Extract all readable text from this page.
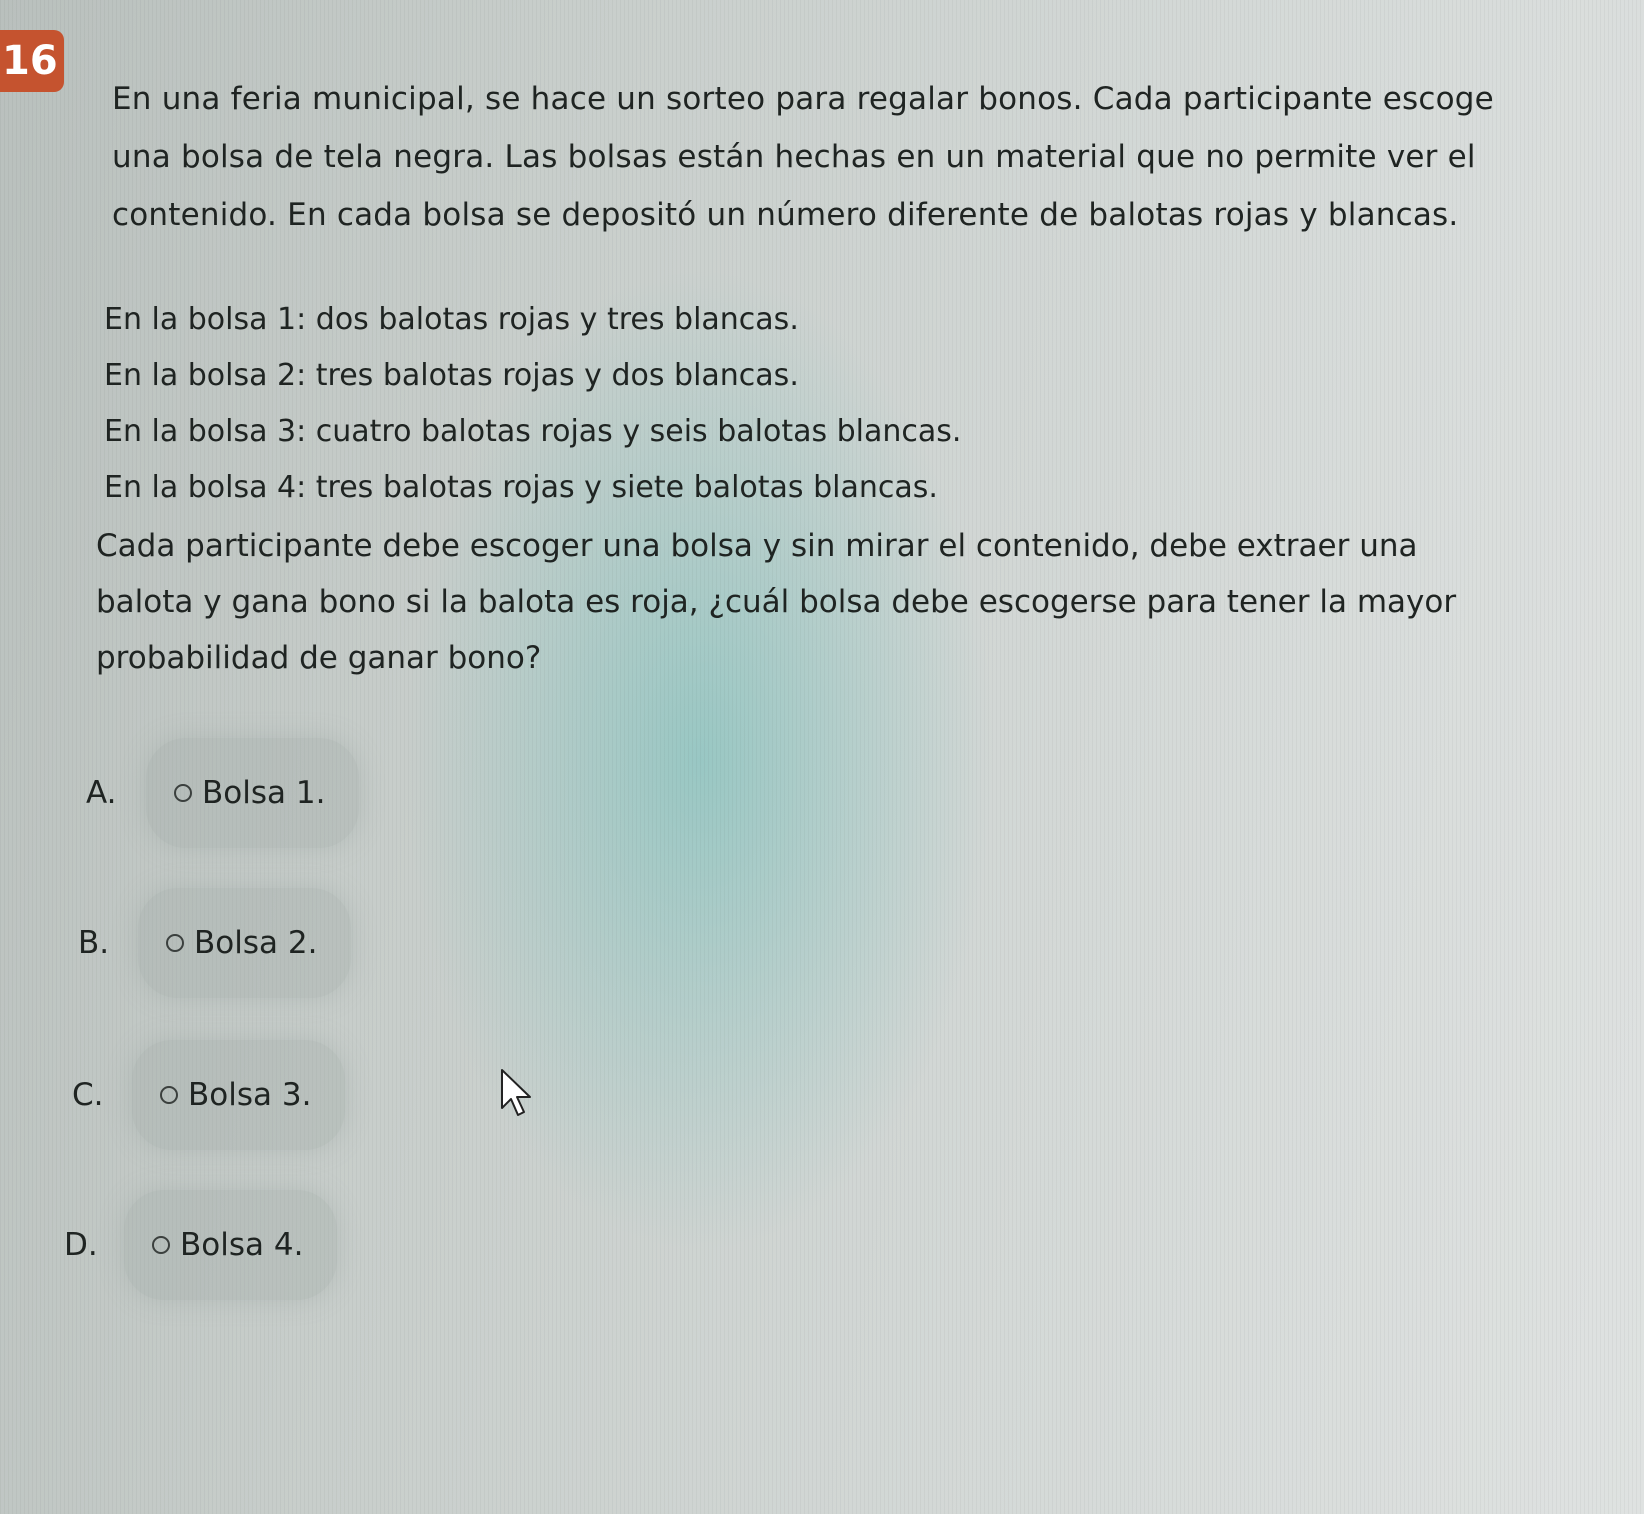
16

En una feria municipal, se hace un sorteo para regalar bonos. Cada participante escoge

una bolsa de tela negra. Las bolsas están hechas en un material que no permite ver el

contenido. En cada bolsa se depositó un número diferente de balotas rojas y blancas.

En la bolsa 1: dos balotas rojas y tres blancas.

En la bolsa 2: tres balotas rojas y dos blancas.

En la bolsa 3: cuatro balotas rojas y seis balotas blancas.

En la bolsa 4: tres balotas rojas y siete balotas blancas.

Cada participante debe escoger una bolsa y sin mirar el contenido, debe extraer una

balota y gana bono si la balota es roja, ¿cuál bolsa debe escogerse para tener la mayor

probabilidad de ganar bono?

A.	Bolsa 1.
B.	Bolsa 2.
C.	Bolsa 3.
D.	Bolsa 4.
